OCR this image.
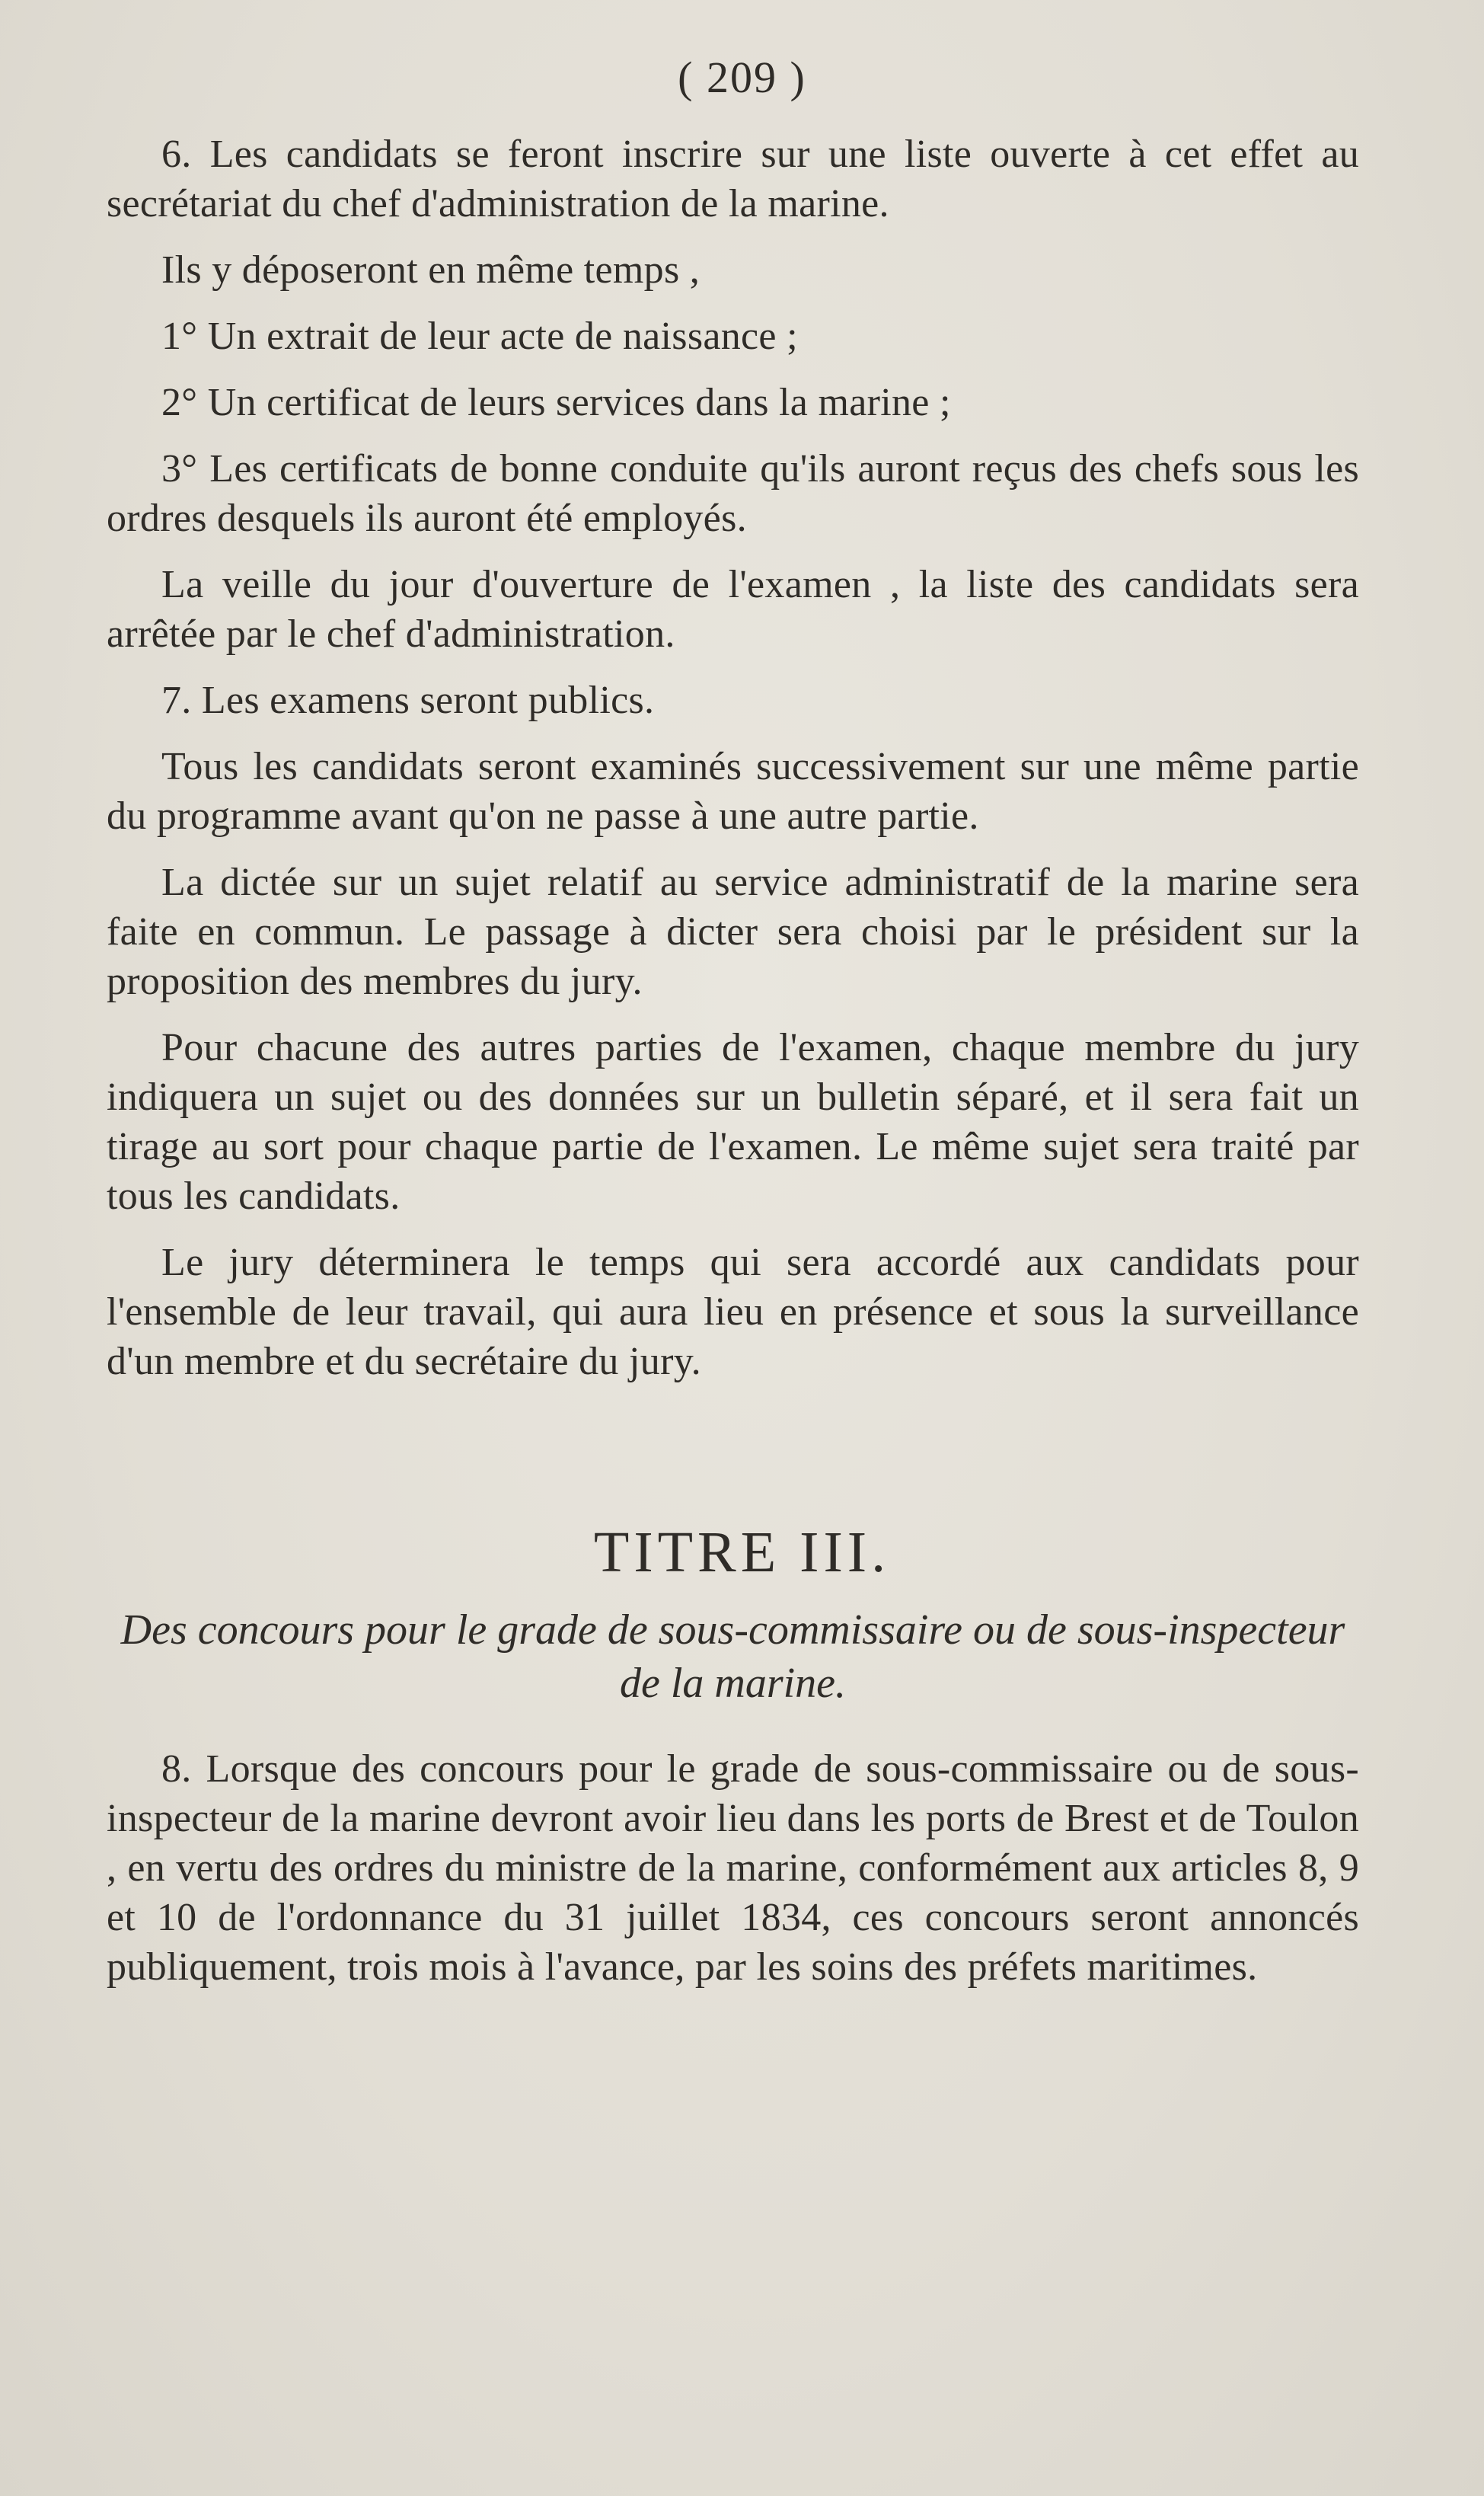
( 209 )

6. Les candidats se feront inscrire sur une liste ouverte à cet effet au secrétariat du chef d'administration de la marine.

Ils y déposeront en même temps ,

1° Un extrait de leur acte de naissance ;

2° Un certificat de leurs services dans la marine ;

3° Les certificats de bonne conduite qu'ils auront reçus des chefs sous les ordres desquels ils auront été employés.

La veille du jour d'ouverture de l'examen , la liste des candidats sera arrêtée par le chef d'administration.

7. Les examens seront publics.

Tous les candidats seront examinés successivement sur une même partie du programme avant qu'on ne passe à une autre partie.

La dictée sur un sujet relatif au service administratif de la marine sera faite en commun. Le passage à dicter sera choisi par le président sur la proposition des membres du jury.

Pour chacune des autres parties de l'examen, chaque membre du jury indiquera un sujet ou des données sur un bulletin séparé, et il sera fait un tirage au sort pour chaque partie de l'examen. Le même sujet sera traité par tous les candidats.

Le jury déterminera le temps qui sera accordé aux candidats pour l'ensemble de leur travail, qui aura lieu en présence et sous la surveillance d'un membre et du secrétaire du jury.

TITRE III.
Des concours pour le grade de sous-commissaire ou de sous-inspecteur de la marine.

8. Lorsque des concours pour le grade de sous-commissaire ou de sous-inspecteur de la marine devront avoir lieu dans les ports de Brest et de Toulon , en vertu des ordres du ministre de la marine, conformément aux articles 8, 9 et 10 de l'ordonnance du 31 juillet 1834, ces concours seront annoncés publiquement, trois mois à l'avance, par les soins des préfets maritimes.
